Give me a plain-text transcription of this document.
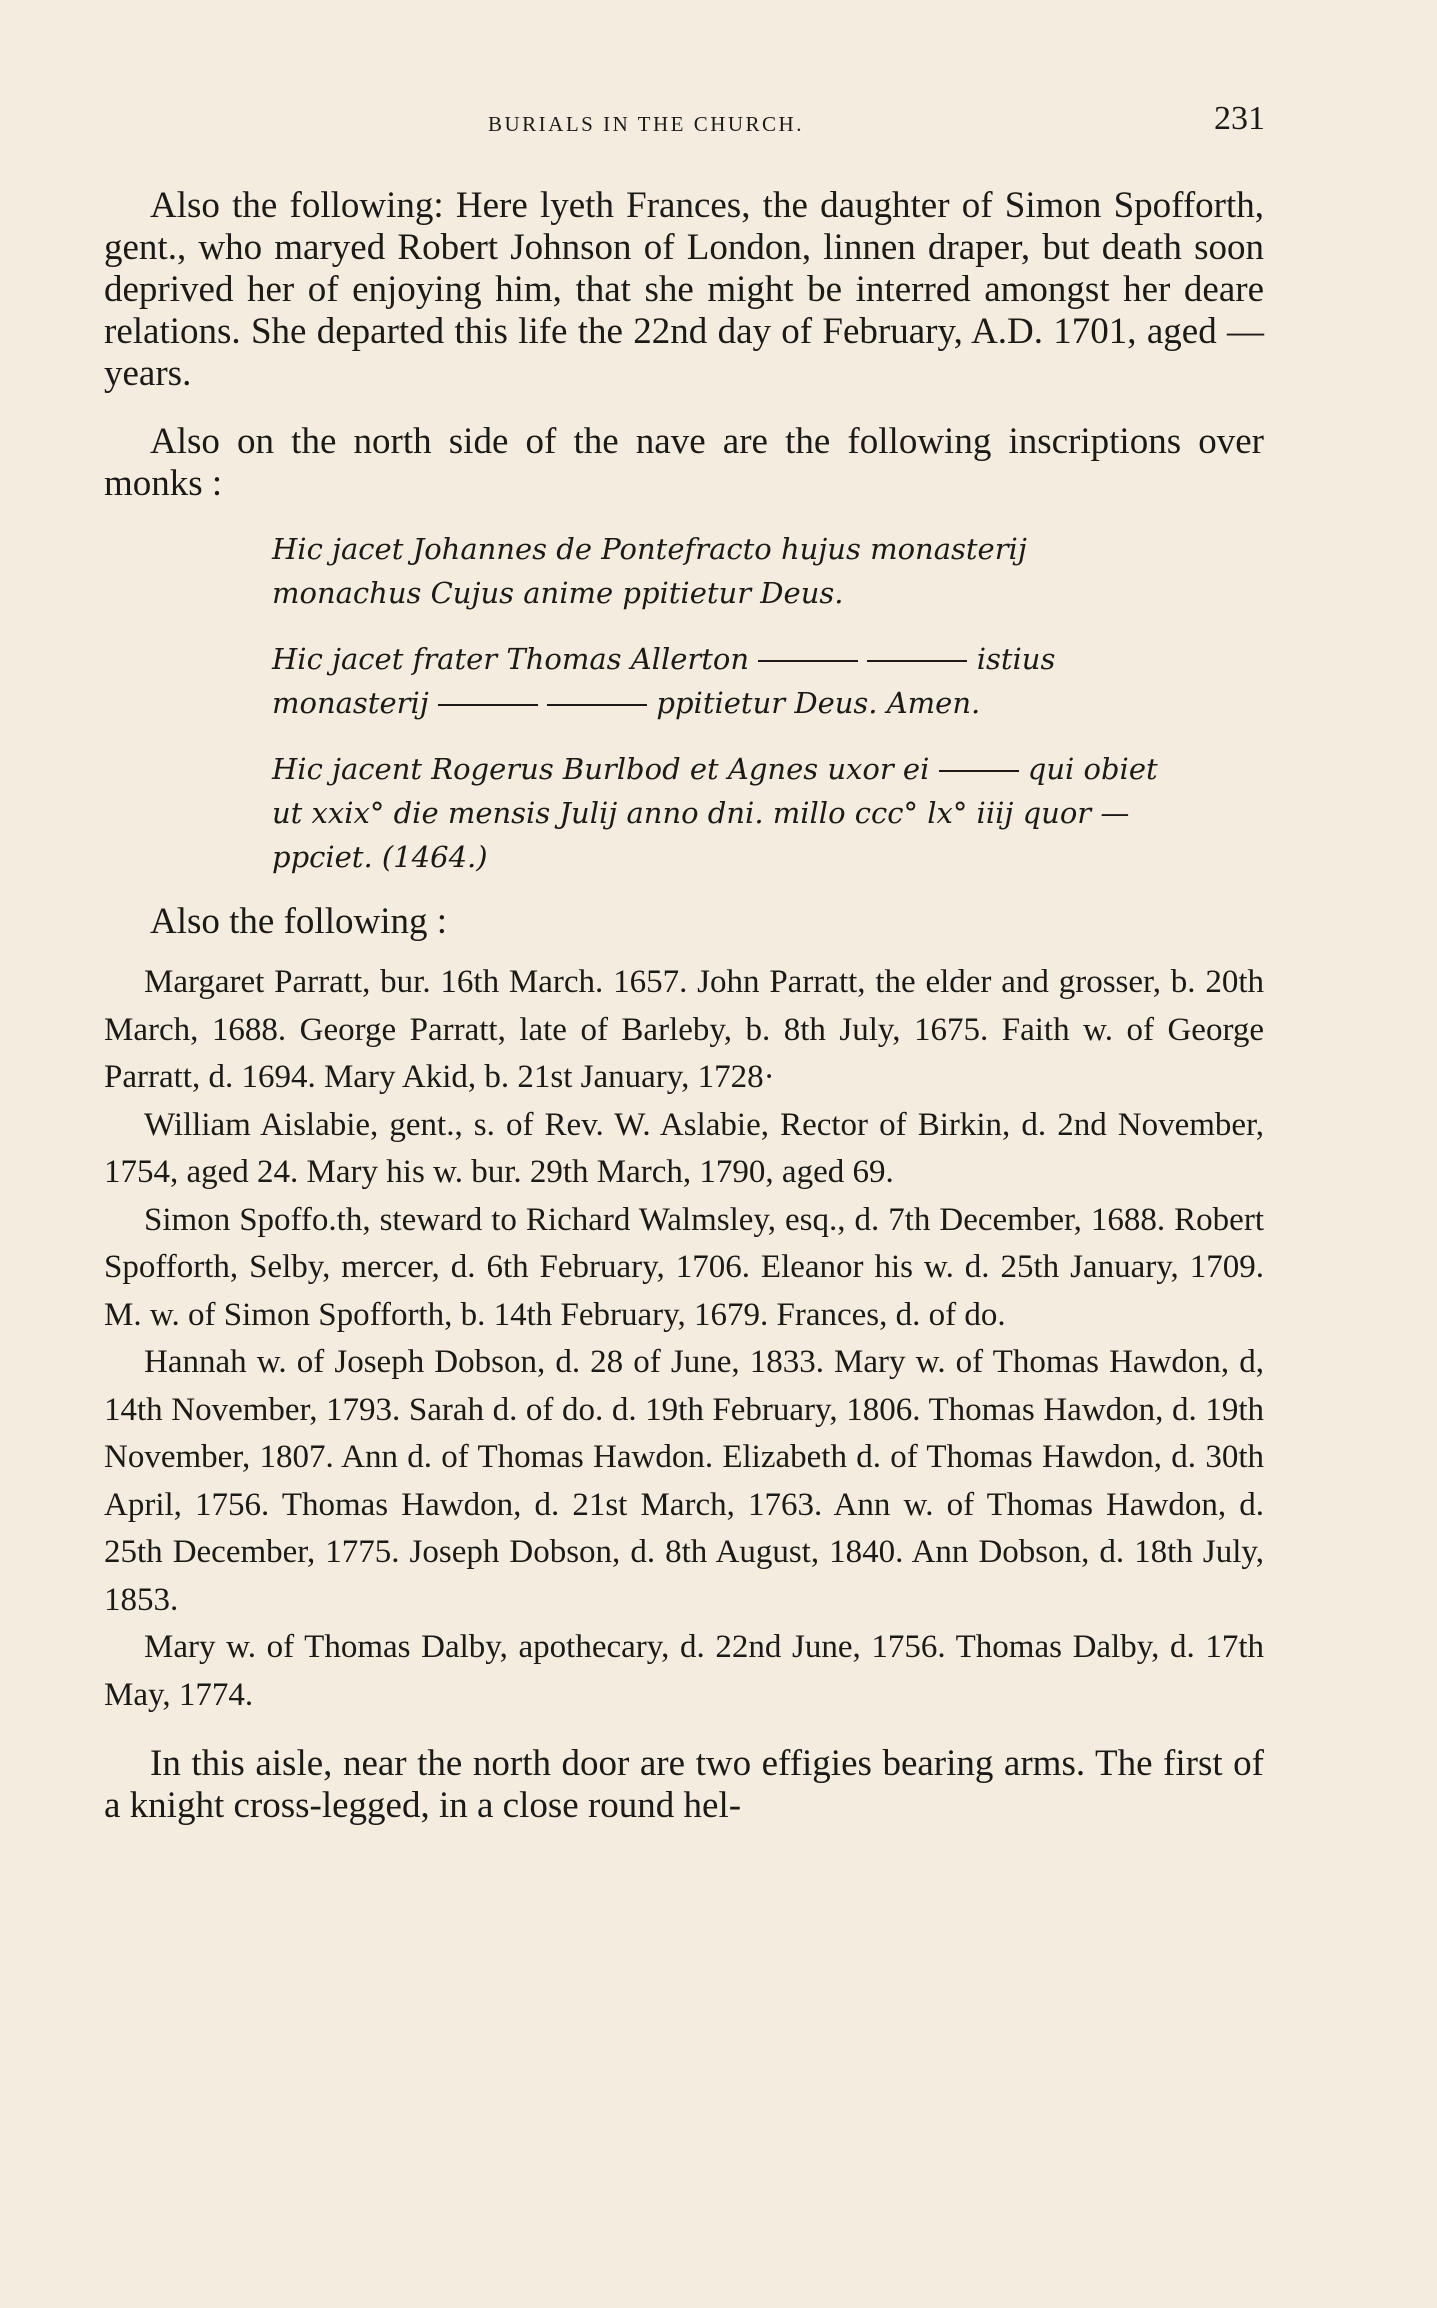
BURIALS IN THE CHURCH.	231

Also the following: Here lyeth Frances, the daughter of Simon Spofforth, gent., who maryed Robert Johnson of London, linnen draper, but death soon deprived her of enjoying him, that she might be interred amongst her deare relations. She departed this life the 22nd day of February, A.D. 1701, aged — years.

Also on the north side of the nave are the following inscriptions over monks :

Hic jacet Johannes de Pontefracto hujus monasterij monachus Cujus anime ppitietur Deus.
Hic jacet frater Thomas Allerton	istius
monasterij	ppitietur Deus. Amen.
Hic jacent Rogerus Burlbod et Agnes uxor ei	qui obiet ut xxix° die mensis Julij anno dni. millo ccc° lx° iiij quor — ppciet. (1464.)

Also the following :

Margaret Parratt, bur. 16th March. 1657. John Parratt, the elder and grosser, b. 20th March, 1688. George Parratt, late of Barleby, b. 8th July, 1675. Faith w. of George Parratt, d. 1694. Mary Akid, b. 21st January, 1728·

William Aislabie, gent., s. of Rev. W. Aslabie, Rector of Birkin, d. 2nd November, 1754, aged 24. Mary his w. bur. 29th March, 1790, aged 69.

Simon Spoffo.th, steward to Richard Walmsley, esq., d. 7th December, 1688. Robert Spofforth, Selby, mercer, d. 6th February, 1706. Eleanor his w. d. 25th January, 1709. M. w. of Simon Spofforth, b. 14th February, 1679. Frances, d. of do.

Hannah w. of Joseph Dobson, d. 28 of June, 1833. Mary w. of Thomas Hawdon, d, 14th November, 1793. Sarah d. of do. d. 19th February, 1806. Thomas Hawdon, d. 19th November, 1807. Ann d. of Thomas Hawdon. Elizabeth d. of Thomas Hawdon, d. 30th April, 1756. Thomas Hawdon, d. 21st March, 1763. Ann w. of Thomas Hawdon, d. 25th December, 1775. Joseph Dobson, d. 8th August, 1840. Ann Dobson, d. 18th July, 1853.

Mary w. of Thomas Dalby, apothecary, d. 22nd June, 1756. Thomas Dalby, d. 17th May, 1774.

In this aisle, near the north door are two effigies bearing arms. The first of a knight cross-legged, in a close round hel-
